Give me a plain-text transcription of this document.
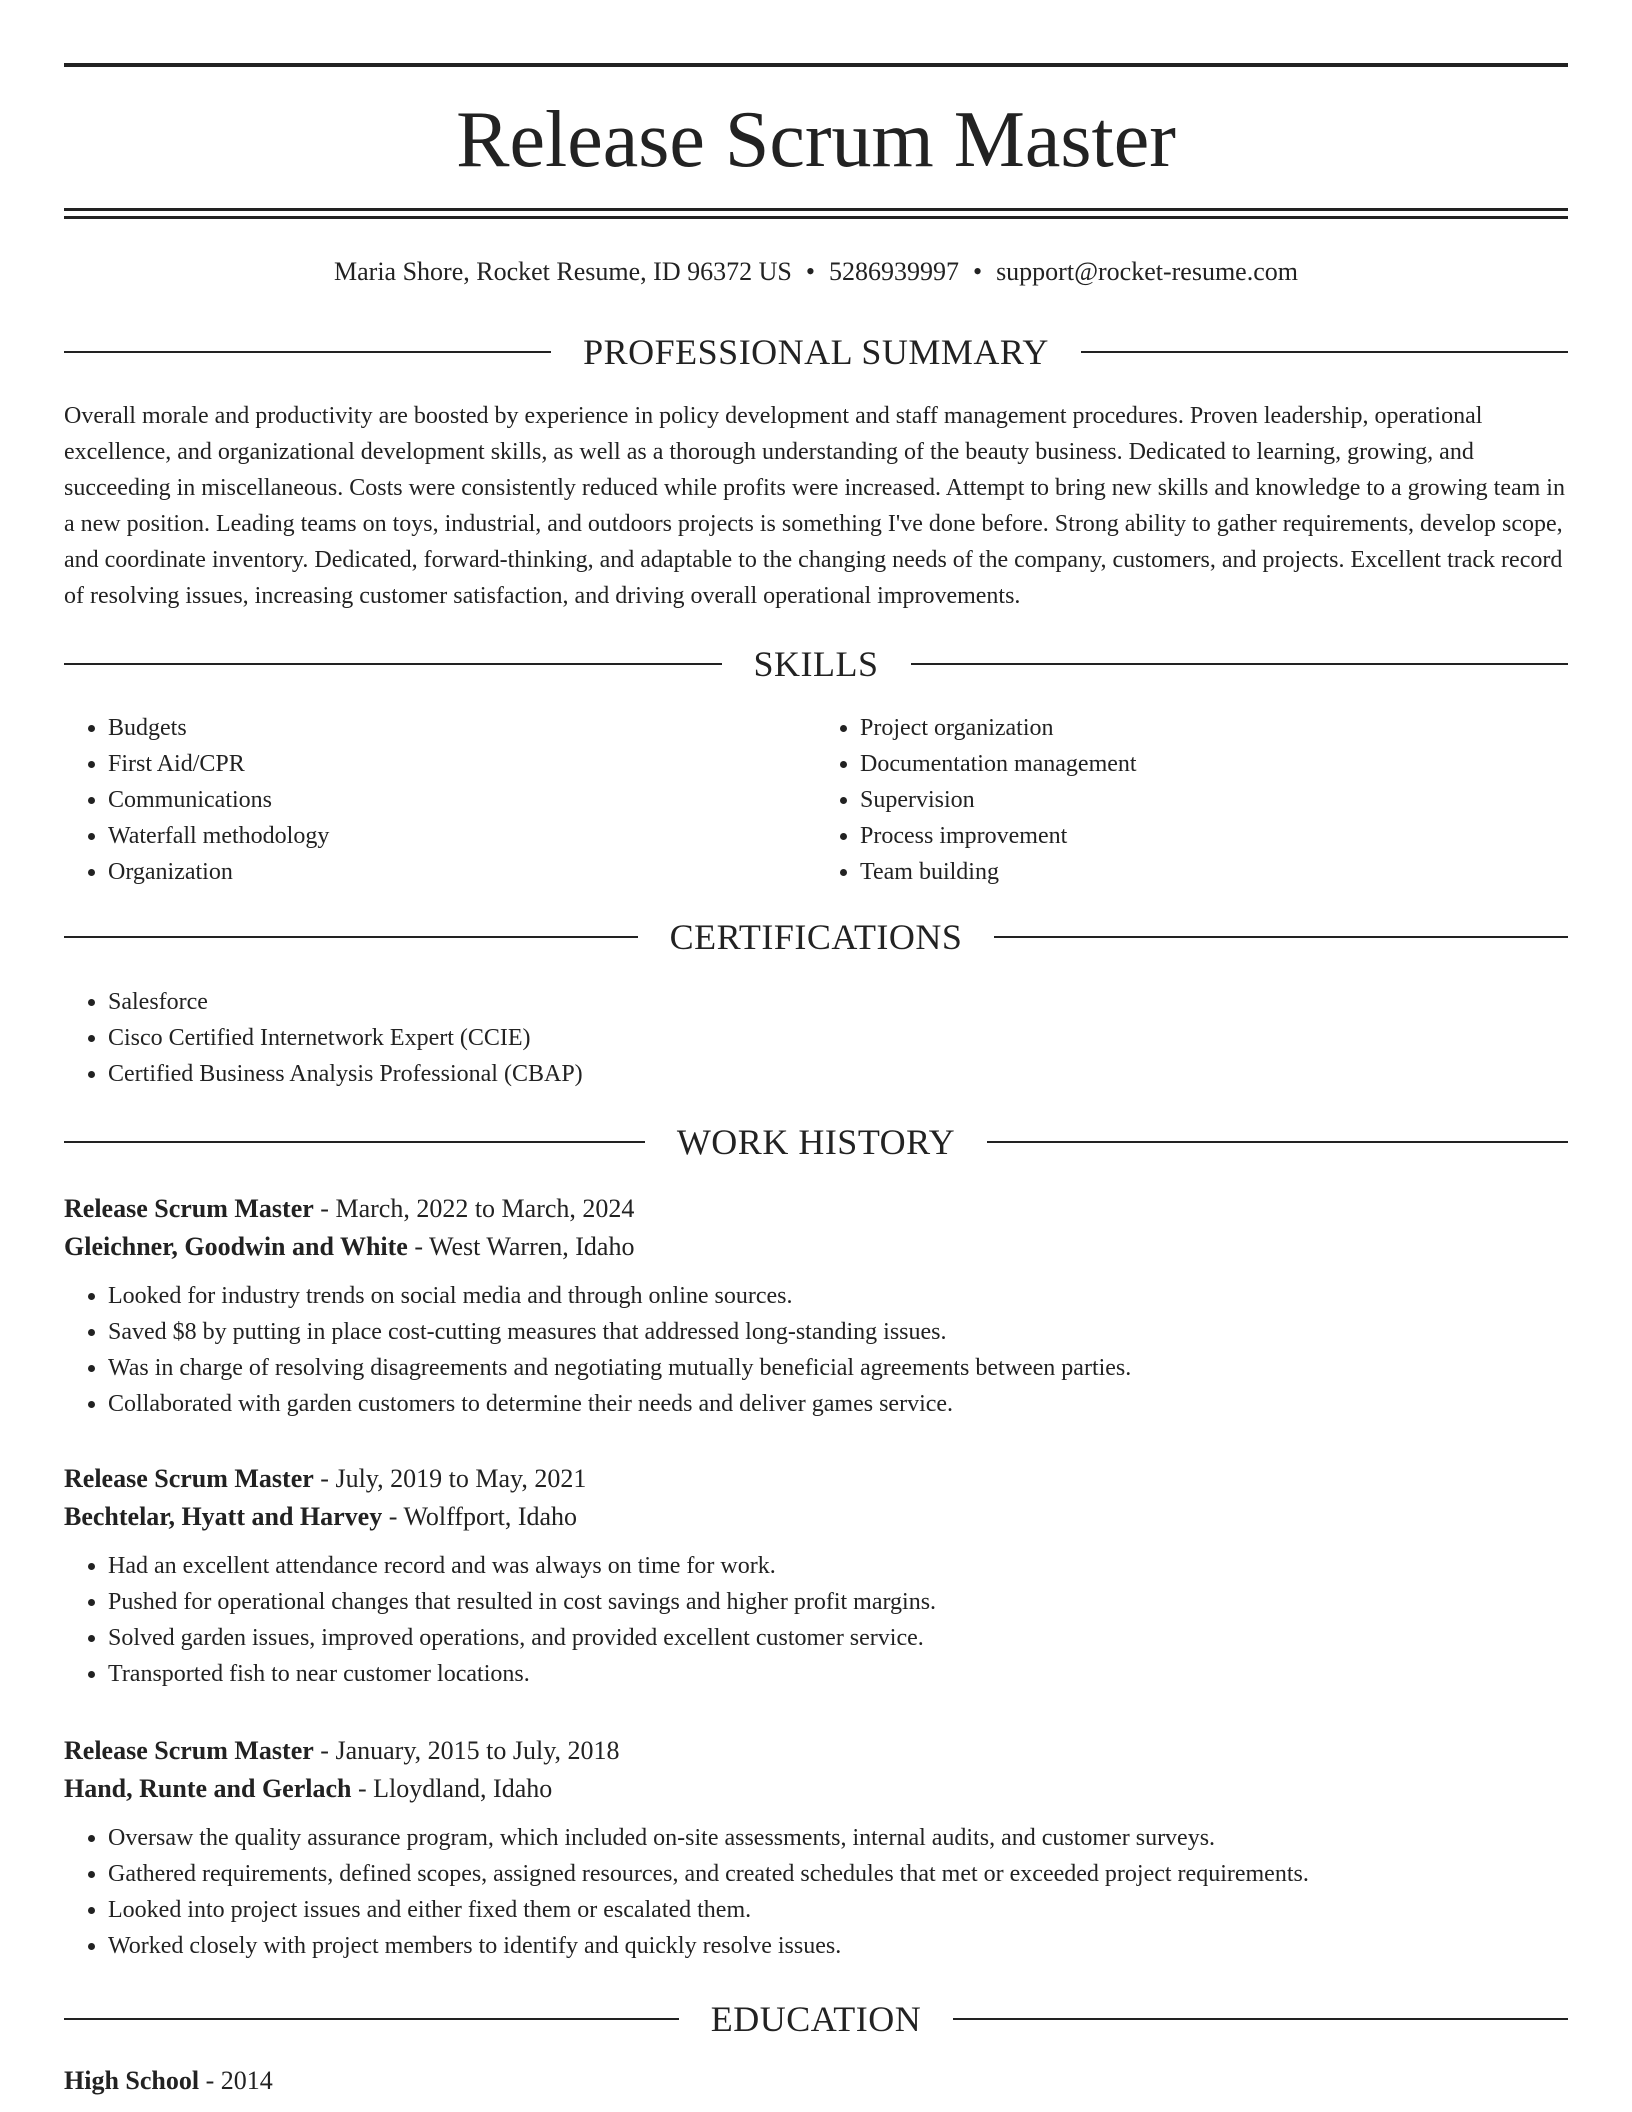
Release Scrum Master
Maria Shore, Rocket Resume, ID 96372 US • 5286939997 • support@rocket-resume.com
PROFESSIONAL SUMMARY

Overall morale and productivity are boosted by experience in policy development and staff management procedures. Proven leadership, operational excellence, and organizational development skills, as well as a thorough understanding of the beauty business. Dedicated to learning, growing, and succeeding in miscellaneous. Costs were consistently reduced while profits were increased. Attempt to bring new skills and knowledge to a growing team in a new position. Leading teams on toys, industrial, and outdoors projects is something I've done before. Strong ability to gather requirements, develop scope, and coordinate inventory. Dedicated, forward-thinking, and adaptable to the changing needs of the company, customers, and projects. Excellent track record of resolving issues, increasing customer satisfaction, and driving overall operational improvements.

SKILLS
• Budgets
• First Aid/CPR
• Communications
• Waterfall methodology
• Organization
• Project organization
• Documentation management
• Supervision
• Process improvement
• Team building
CERTIFICATIONS
• Salesforce
• Cisco Certified Internetwork Expert (CCIE)
• Certified Business Analysis Professional (CBAP)
WORK HISTORY
Release Scrum Master - March, 2022 to March, 2024
Gleichner, Goodwin and White - West Warren, Idaho
• Looked for industry trends on social media and through online sources.
• Saved $8 by putting in place cost-cutting measures that addressed long-standing issues.
• Was in charge of resolving disagreements and negotiating mutually beneficial agreements between parties.
• Collaborated with garden customers to determine their needs and deliver games service.
Release Scrum Master - July, 2019 to May, 2021
Bechtelar, Hyatt and Harvey - Wolffport, Idaho
• Had an excellent attendance record and was always on time for work.
• Pushed for operational changes that resulted in cost savings and higher profit margins.
• Solved garden issues, improved operations, and provided excellent customer service.
• Transported fish to near customer locations.
Release Scrum Master - January, 2015 to July, 2018
Hand, Runte and Gerlach - Lloydland, Idaho
• Oversaw the quality assurance program, which included on-site assessments, internal audits, and customer surveys.
• Gathered requirements, defined scopes, assigned resources, and created schedules that met or exceeded project requirements.
• Looked into project issues and either fixed them or escalated them.
• Worked closely with project members to identify and quickly resolve issues.
EDUCATION
High School - 2014
